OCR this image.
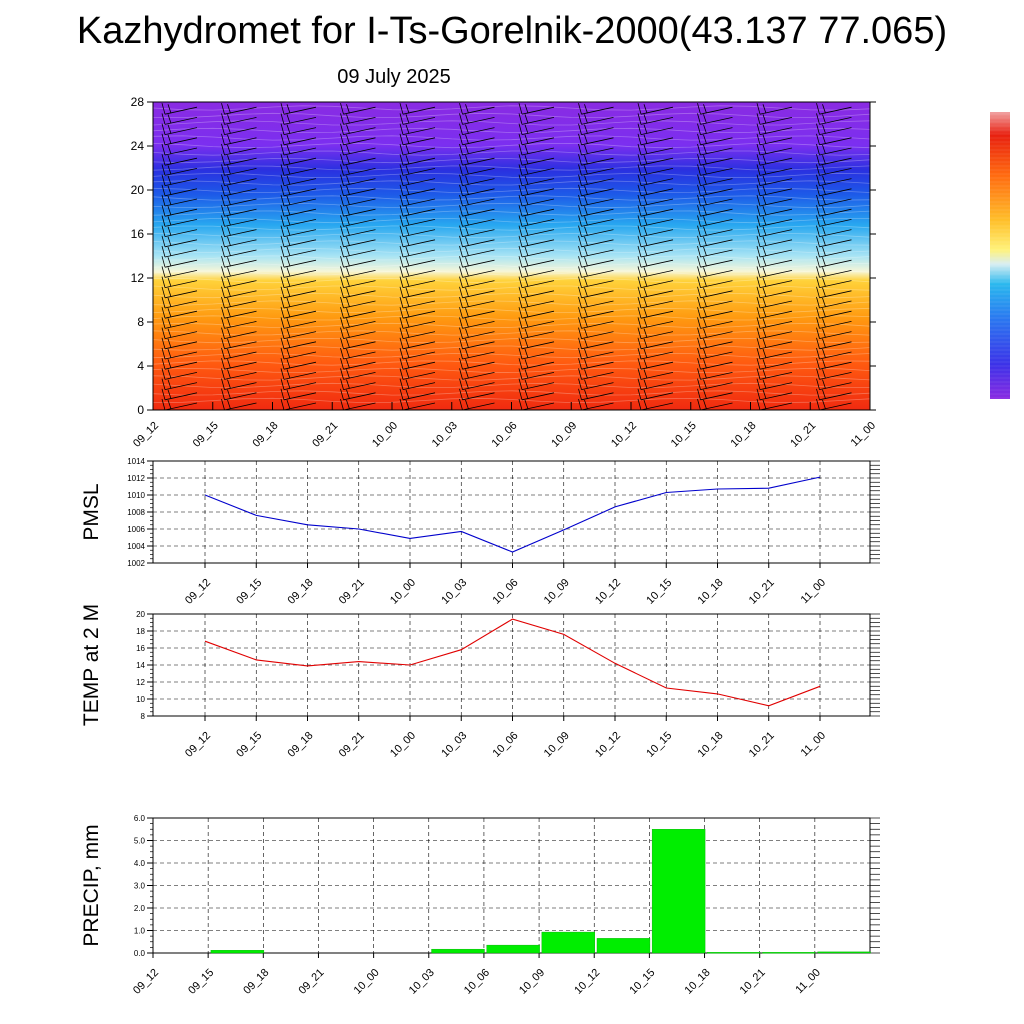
Kazhydromet for I-Ts-Gorelnik-2000(43.137 77.065)
09 July 2025
0
4
8
12
16
20
24
28
09_12	09_15	09_18	09_21	10_00	10_03	10_06	10_09	10_12	10_15	10_18	10_21	11_00
1002
1004
1006
1008
1010
1012
1014
09_12 09_15 09_18 09_21 10_00 10_03 10_06 10_09 10_12 10_15 10_18 10_21 11_00
PMSL
8
10
12
14
16
18
20
09_12 09_15 09_18 09_21 10_00 10_03 10_06 10_09 10_12 10_15 10_18 10_21 11_00
TEMP at 2 M
0.0
1.0
2.0
3.0
4.0
5.0
6.0
09_12 09_15 09_18 09_21 10_00 10_03 10_06 10_09 10_12 10_15 10_18 10_21 11_00
PRECIP, mm
